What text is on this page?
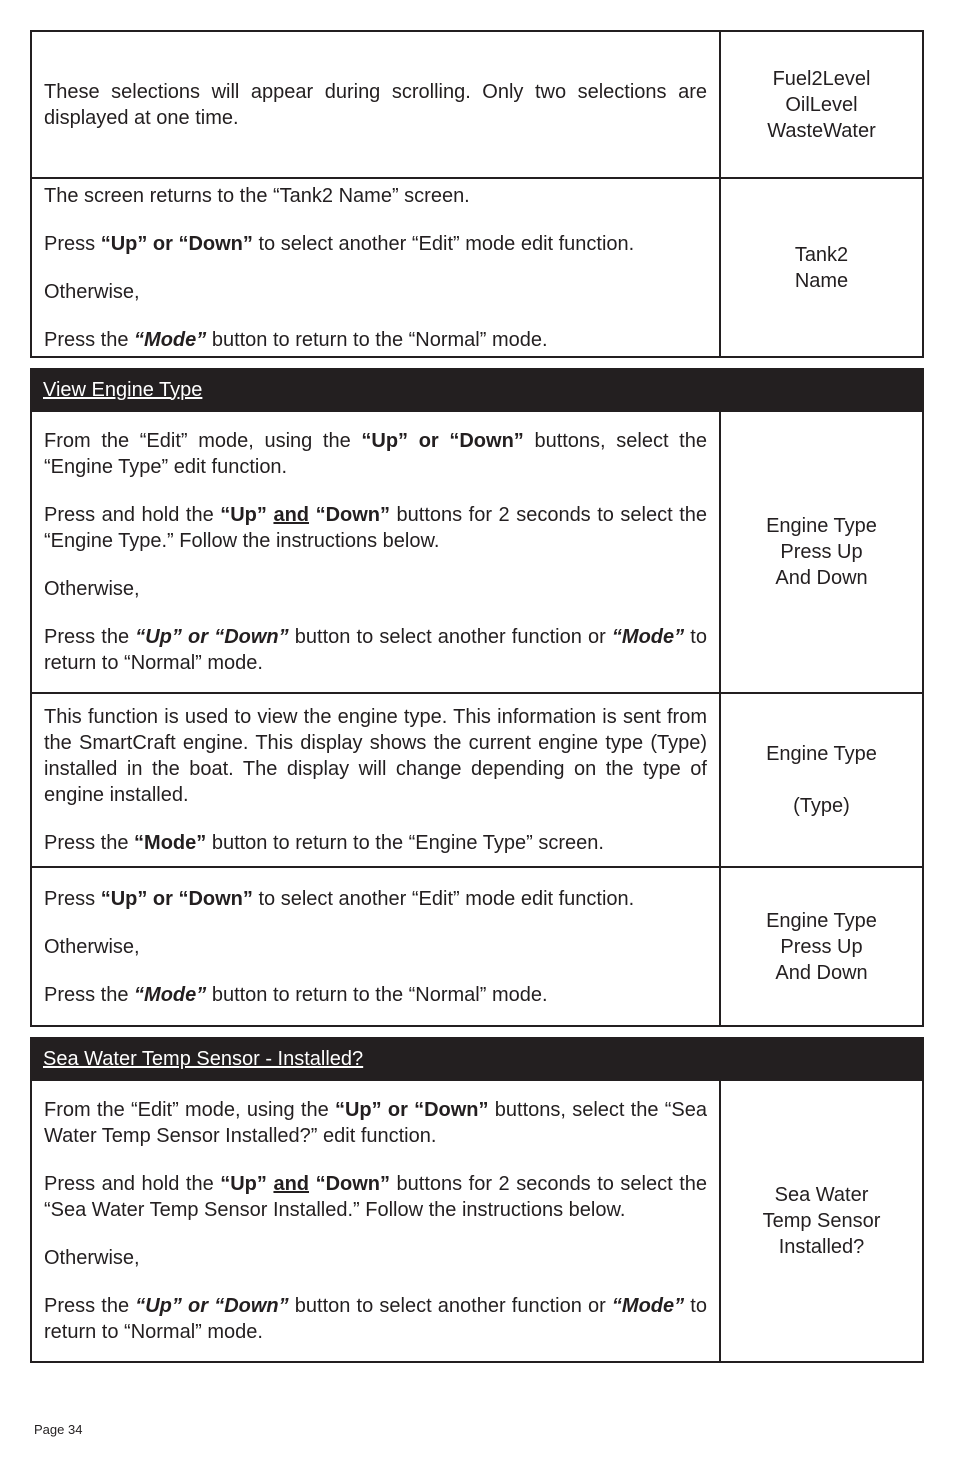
These selections will appear during scrolling. Only two selections are displayed at one time.

Fuel2Level
OilLevel
WasteWater

The screen returns to the “Tank2 Name” screen.

Press “Up” or “Down” to select another “Edit” mode edit function.

Otherwise,

Press the “Mode” button to return to the “Normal” mode.

Tank2
Name
View Engine Type

From the “Edit” mode, using the “Up” or “Down” buttons, select the “Engine Type” edit function.

Press and hold the “Up” and “Down” buttons for 2 seconds to select the “Engine Type.” Follow the instructions below.

Otherwise,

Press the “Up” or “Down” button to select another function or “Mode” to return to “Normal” mode.

Engine Type
Press Up
And Down

This function is used to view the engine type. This information is sent from the SmartCraft engine. This display shows the current engine type (Type) installed in the boat. The display will change depending on the type of engine installed.

Press the “Mode” button to return to the “Engine Type” screen.

Engine Type
(Type)

Press “Up” or “Down” to select another “Edit” mode edit function.

Otherwise,

Press the “Mode” button to return to the “Normal” mode.

Engine Type
Press Up
And Down
Sea Water Temp Sensor - Installed?

From the “Edit” mode, using the “Up” or “Down” buttons, select the “Sea Water Temp Sensor Installed?” edit function.

Press and hold the “Up” and “Down” buttons for 2 seconds to select the “Sea Water Temp Sensor Installed.” Follow the instructions below.

Otherwise,

Press the “Up” or “Down” button to select another function or “Mode” to return to “Normal” mode.

Sea Water
Temp Sensor
Installed?
Page 34
